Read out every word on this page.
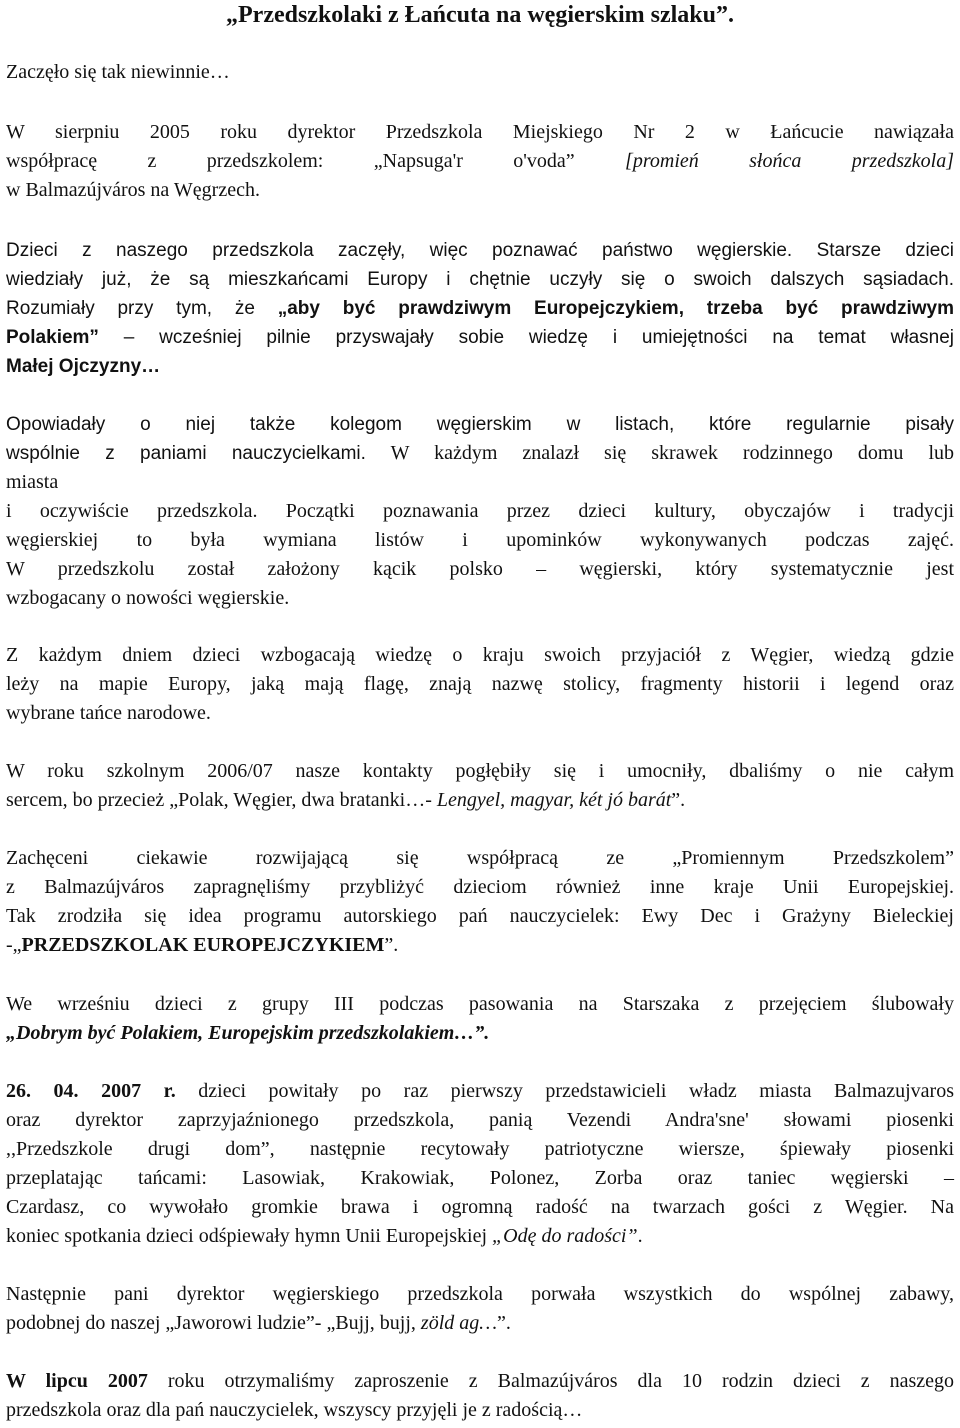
„Przedszkolaki z Łańcuta na węgierskim szlaku”.
Zaczęło się tak niewinnie…
W sierpniu 2005 roku dyrektor Przedszkola Miejskiego Nr 2 w Łańcucie nawiązała
współpracę z przedszkolem: „Napsuga'r o'voda”	[promień słońca przedszkola]
w Balmazújváros na Węgrzech.
Dzieci z naszego przedszkola zaczęły, więc poznawać państwo węgierskie. Starsze dzieci
wiedziały już, że są mieszkańcami Europy i chętnie uczyły się o swoich dalszych sąsiadach.
Rozumiały przy tym, że „aby być prawdziwym Europejczykiem, trzeba być prawdziwym
Polakiem” – wcześniej pilnie przyswajały sobie wiedzę i umiejętności na temat własnej
Małej Ojczyzny…
Opowiadały o niej także kolegom węgierskim w listach, które regularnie pisały
wspólnie z paniami nauczycielkami. W każdym znalazł się skrawek rodzinnego domu lub
miasta
i oczywiście przedszkola. Początki poznawania przez dzieci kultury, obyczajów i tradycji
węgierskiej to była wymiana listów i upominków wykonywanych podczas zajęć.
W przedszkolu został założony kącik polsko – węgierski, który systematycznie jest
wzbogacany o nowości węgierskie.
Z każdym dniem dzieci wzbogacają wiedzę o kraju swoich przyjaciół z Węgier, wiedzą gdzie
leży na mapie Europy, jaką mają flagę, znają nazwę stolicy, fragmenty historii i legend oraz
wybrane tańce narodowe.
W roku szkolnym 2006/07 nasze kontakty pogłębiły się i umocniły, dbaliśmy o nie całym
sercem, bo przecież „Polak, Węgier, dwa bratanki…- Lengyel, magyar, két jó barát”.
Zachęceni ciekawie rozwijającą się współpracą ze „Promiennym Przedszkolem”
z Balmazújváros zapragnęliśmy przybliżyć dzieciom również inne kraje Unii Europejskiej.
Tak zrodziła się idea programu autorskiego pań nauczycielek: Ewy Dec i Grażyny Bieleckiej
-„PRZEDSZKOLAK EUROPEJCZYKIEM”.
We wrześniu dzieci z grupy III podczas pasowania na Starszaka z przejęciem ślubowały
„Dobrym być Polakiem, Europejskim przedszkolakiem…”.
26. 04. 2007 r. dzieci powitały po raz pierwszy przedstawicieli władz miasta Balmazujvaros
oraz dyrektor zaprzyjaźnionego przedszkola, panią Vezendi Andra'sne' słowami piosenki
,,Przedszkole drugi dom”, następnie recytowały patriotyczne wiersze, śpiewały piosenki
przeplatając tańcami: Lasowiak, Krakowiak, Polonez, Zorba oraz taniec węgierski –
Czardasz, co wywołało gromkie brawa i ogromną radość na twarzach gości z Węgier. Na
koniec spotkania dzieci odśpiewały hymn Unii Europejskiej „Odę do radości”.
Następnie pani dyrektor węgierskiego przedszkola porwała wszystkich do wspólnej zabawy,
podobnej do naszej „Jaworowi ludzie”- „Bujj, bujj, zöld ag…”.
W lipcu 2007 roku otrzymaliśmy zaproszenie z Balmazújváros dla 10 rodzin dzieci z naszego
przedszkola oraz dla pań nauczycielek, wszyscy przyjęli je z radością…
